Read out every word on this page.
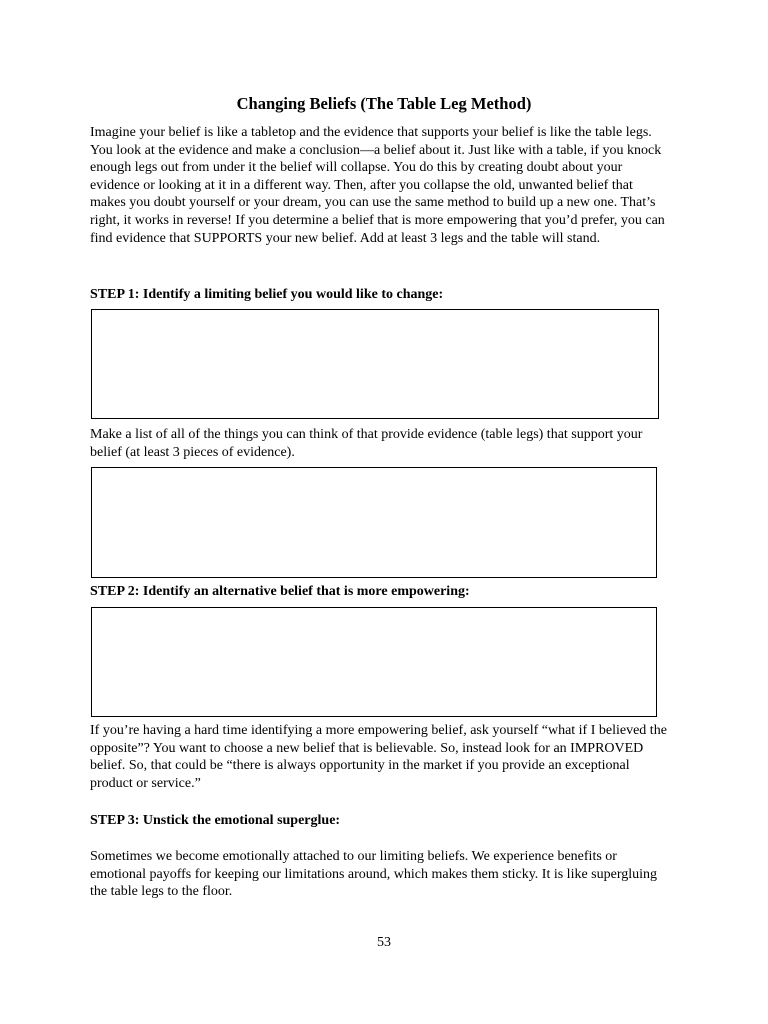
Changing Beliefs (The Table Leg Method)

Imagine your belief is like a tabletop and the evidence that supports your belief is like the table legs. You look at the evidence and make a conclusion—a belief about it. Just like with a table, if you knock enough legs out from under it the belief will collapse. You do this by creating doubt about your evidence or looking at it in a different way. Then, after you collapse the old, unwanted belief that makes you doubt yourself or your dream, you can use the same method to build up a new one. That’s right, it works in reverse! If you determine a belief that is more empowering that you’d prefer, you can find evidence that SUPPORTS your new belief. Add at least 3 legs and the table will stand.

STEP 1: Identify a limiting belief you would like to change:

Make a list of all of the things you can think of that provide evidence (table legs) that support your belief (at least 3 pieces of evidence).

STEP 2: Identify an alternative belief that is more empowering:

If you’re having a hard time identifying a more empowering belief, ask yourself “what if I believed the opposite”? You want to choose a new belief that is believable. So, instead look for an IMPROVED belief. So, that could be “there is always opportunity in the market if you provide an exceptional product or service.”

STEP 3: Unstick the emotional superglue:

Sometimes we become emotionally attached to our limiting beliefs. We experience benefits or emotional payoffs for keeping our limitations around, which makes them sticky. It is like supergluing the table legs to the floor.

53
